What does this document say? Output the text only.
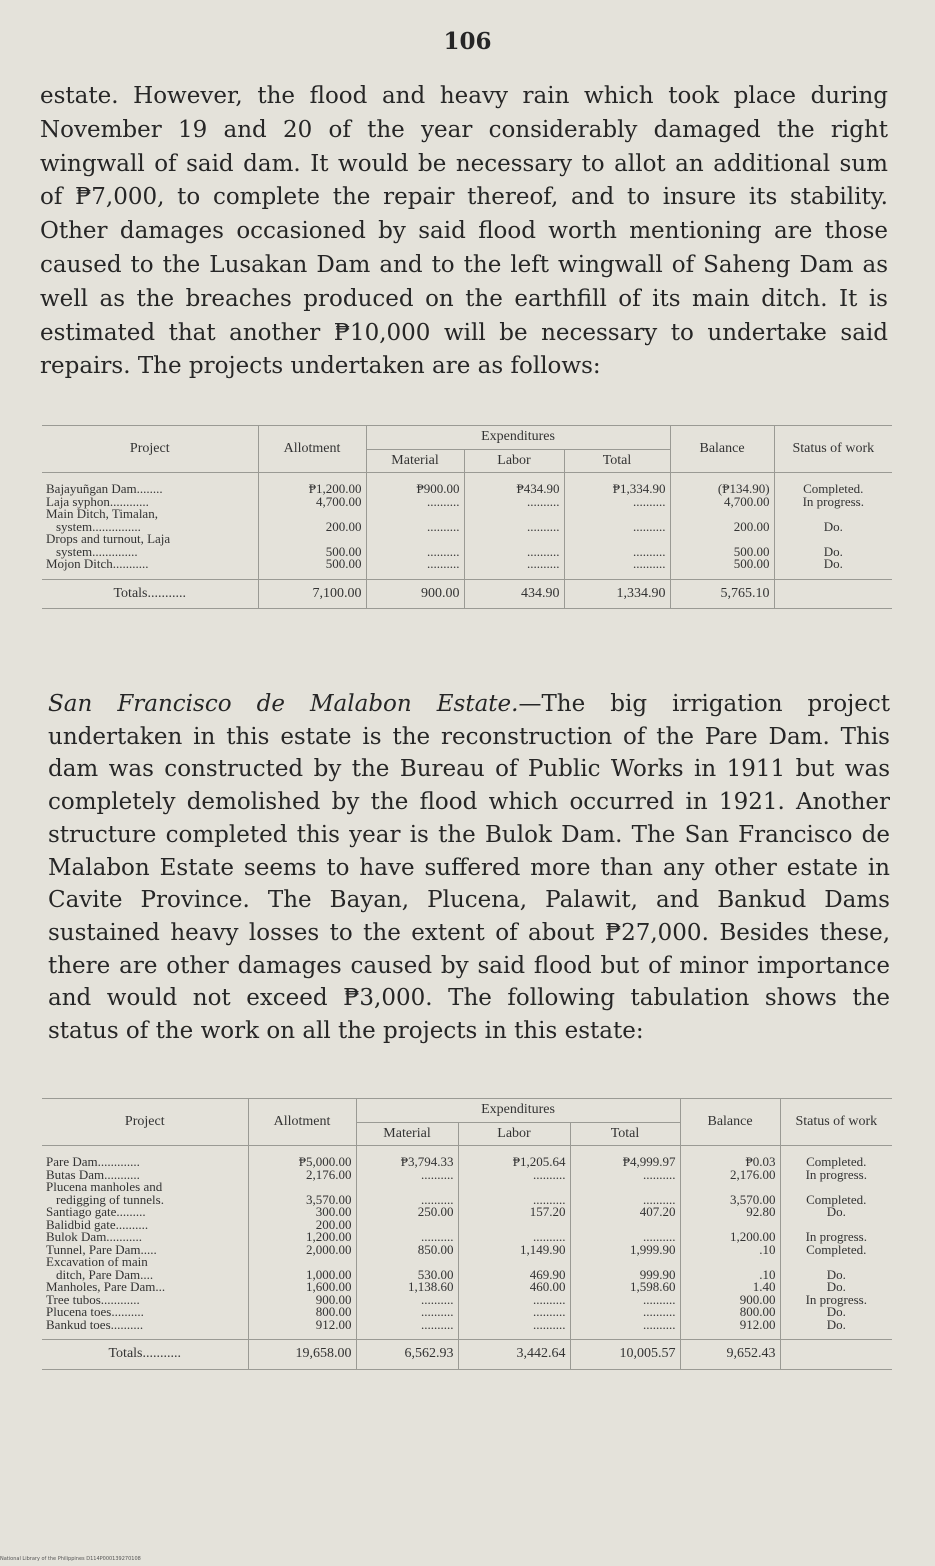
106

estate. However, the flood and heavy rain which took place during November 19 and 20 of the year considerably damaged the right wingwall of said dam. It would be necessary to allot an additional sum of ₱7,000, to complete the repair thereof, and to insure its stability. Other damages occasioned by said flood worth mentioning are those caused to the Lusakan Dam and to the left wingwall of Saheng Dam as well as the breaches produced on the earthfill of its main ditch. It is estimated that another ₱10,000 will be necessary to undertake said repairs. The projects undertaken are as follows:

Project	Allotment	Expenditures			Balance	Status of work
		Material	Labor	Total		
Bajayuñgan Dam........	₱1,200.00	₱900.00	₱434.90	₱1,334.90	(₱134.90)	Completed.
Laja syphon............	4,700.00	..........	..........	..........	4,700.00	In progress.
Main Ditch, Timalan,						
system...............	200.00	..........	..........	..........	200.00	Do.
Drops and turnout, Laja						
system..............	500.00	..........	..........	..........	500.00	Do.
Mojon Ditch...........	500.00	..........	..........	..........	500.00	Do.
Totals...........	7,100.00	900.00	434.90	1,334.90	5,765.10	

San Francisco de Malabon Estate.—The big irrigation project undertaken in this estate is the reconstruction of the Pare Dam. This dam was constructed by the Bureau of Public Works in 1911 but was completely demolished by the flood which occurred in 1921. Another structure completed this year is the Bulok Dam. The San Francisco de Malabon Estate seems to have suffered more than any other estate in Cavite Province. The Bayan, Plucena, Palawit, and Bankud Dams sustained heavy losses to the extent of about ₱27,000. Besides these, there are other damages caused by said flood but of minor importance and would not exceed ₱3,000. The following tabulation shows the status of the work on all the projects in this estate:

Project	Allotment	Expenditures			Balance	Status of work
		Material	Labor	Total		
Pare Dam.............	₱5,000.00	₱3,794.33	₱1,205.64	₱4,999.97	₱0.03	Completed.
Butas Dam...........	2,176.00	..........	..........	..........	2,176.00	In progress.
Plucena manholes and						
redigging of tunnels.	3,570.00	..........	..........	..........	3,570.00	Completed.
Santiago gate.........	300.00	250.00	157.20	407.20	92.80	Do.
Balidbid gate..........	200.00					
Bulok Dam...........	1,200.00	..........	..........	..........	1,200.00	In progress.
Tunnel, Pare Dam.....	2,000.00	850.00	1,149.90	1,999.90	.10	Completed.
Excavation of main						
ditch, Pare Dam....	1,000.00	530.00	469.90	999.90	.10	Do.
Manholes, Pare Dam...	1,600.00	1,138.60	460.00	1,598.60	1.40	Do.
Tree tubos............	900.00	..........	..........	..........	900.00	In progress.
Plucena toes..........	800.00	..........	..........	..........	800.00	Do.
Bankud toes..........	912.00	..........	..........	..........	912.00	Do.
Totals...........	19,658.00	6,562.93	3,442.64	10,005.57	9,652.43	
National Library of the Philippines D114P000139270108
